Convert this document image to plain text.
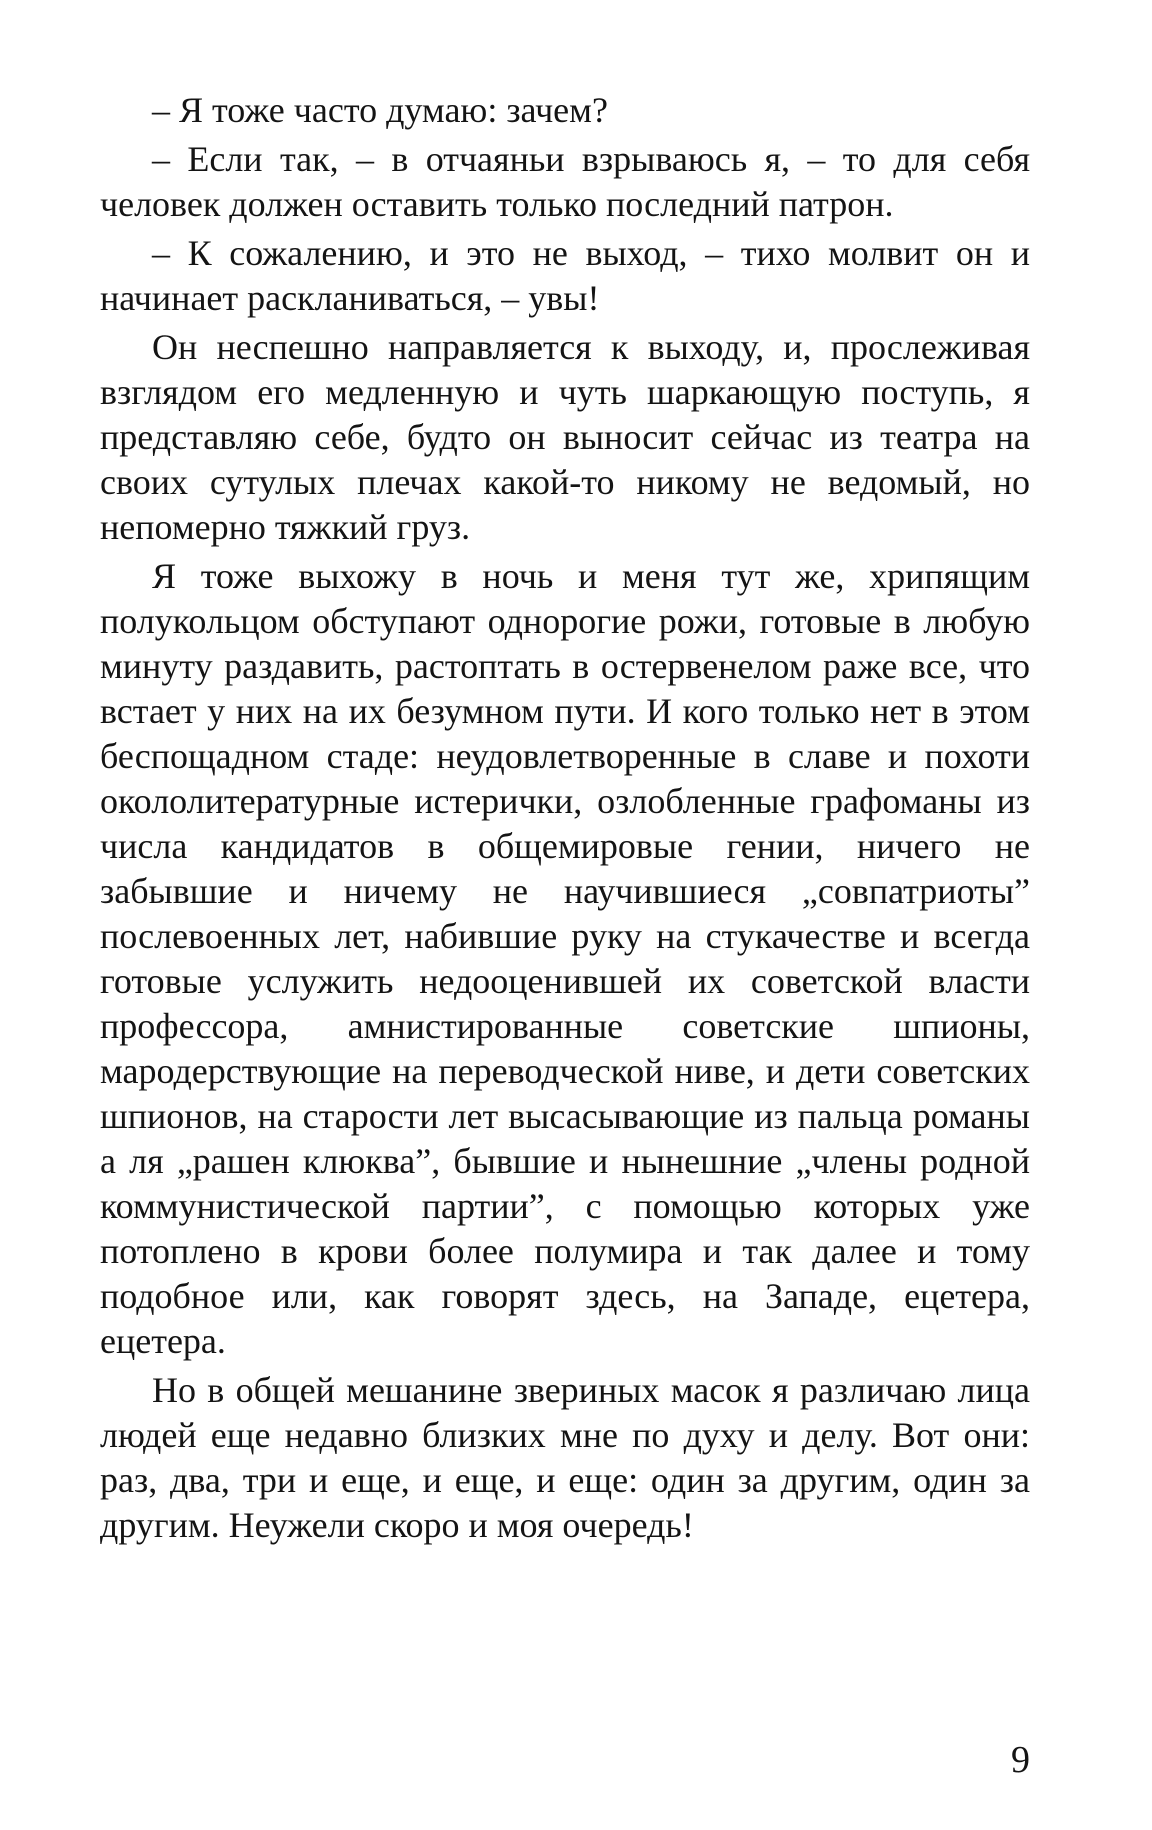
– Я тоже часто думаю: зачем?

– Если так, – в отчаяньи взрываюсь я, – то для себя человек должен оставить только последний патрон.

– К сожалению, и это не выход, – тихо молвит он и начинает раскланиваться, – увы!

Он неспешно направляется к выходу, и, прослеживая взглядом его медленную и чуть шаркающую поступь, я представляю себе, будто он выносит сейчас из театра на своих сутулых плечах какой-то никому не ведомый, но непомерно тяжкий груз.

Я тоже выхожу в ночь и меня тут же, хрипящим полукольцом обступают однорогие рожи, готовые в любую минуту раздавить, растоптать в остервенелом раже все, что встает у них на их безумном пути. И кого только нет в этом беспощадном стаде: неудовлетворенные в славе и похоти окололитературные истерички, озлобленные графоманы из числа кандидатов в общемировые гении, ничего не забывшие и ничему не научившиеся „совпатриоты” послевоенных лет, набившие руку на стукачестве и всегда готовые услужить недооценившей их советской власти профессора, амнистированные советские шпионы, мародерствующие на переводческой ниве, и дети советских шпионов, на старости лет высасывающие из пальца романы а ля „рашен клюква”, бывшие и нынешние „члены родной коммунистической партии”, с помощью которых уже потоплено в крови более полумира и так далее и тому подобное или, как говорят здесь, на Западе, ецетера, ецетера.

Но в общей мешанине звериных масок я различаю лица людей еще недавно близких мне по духу и делу. Вот они: раз, два, три и еще, и еще, и еще: один за другим, один за другим. Неужели скоро и моя очередь!

9
